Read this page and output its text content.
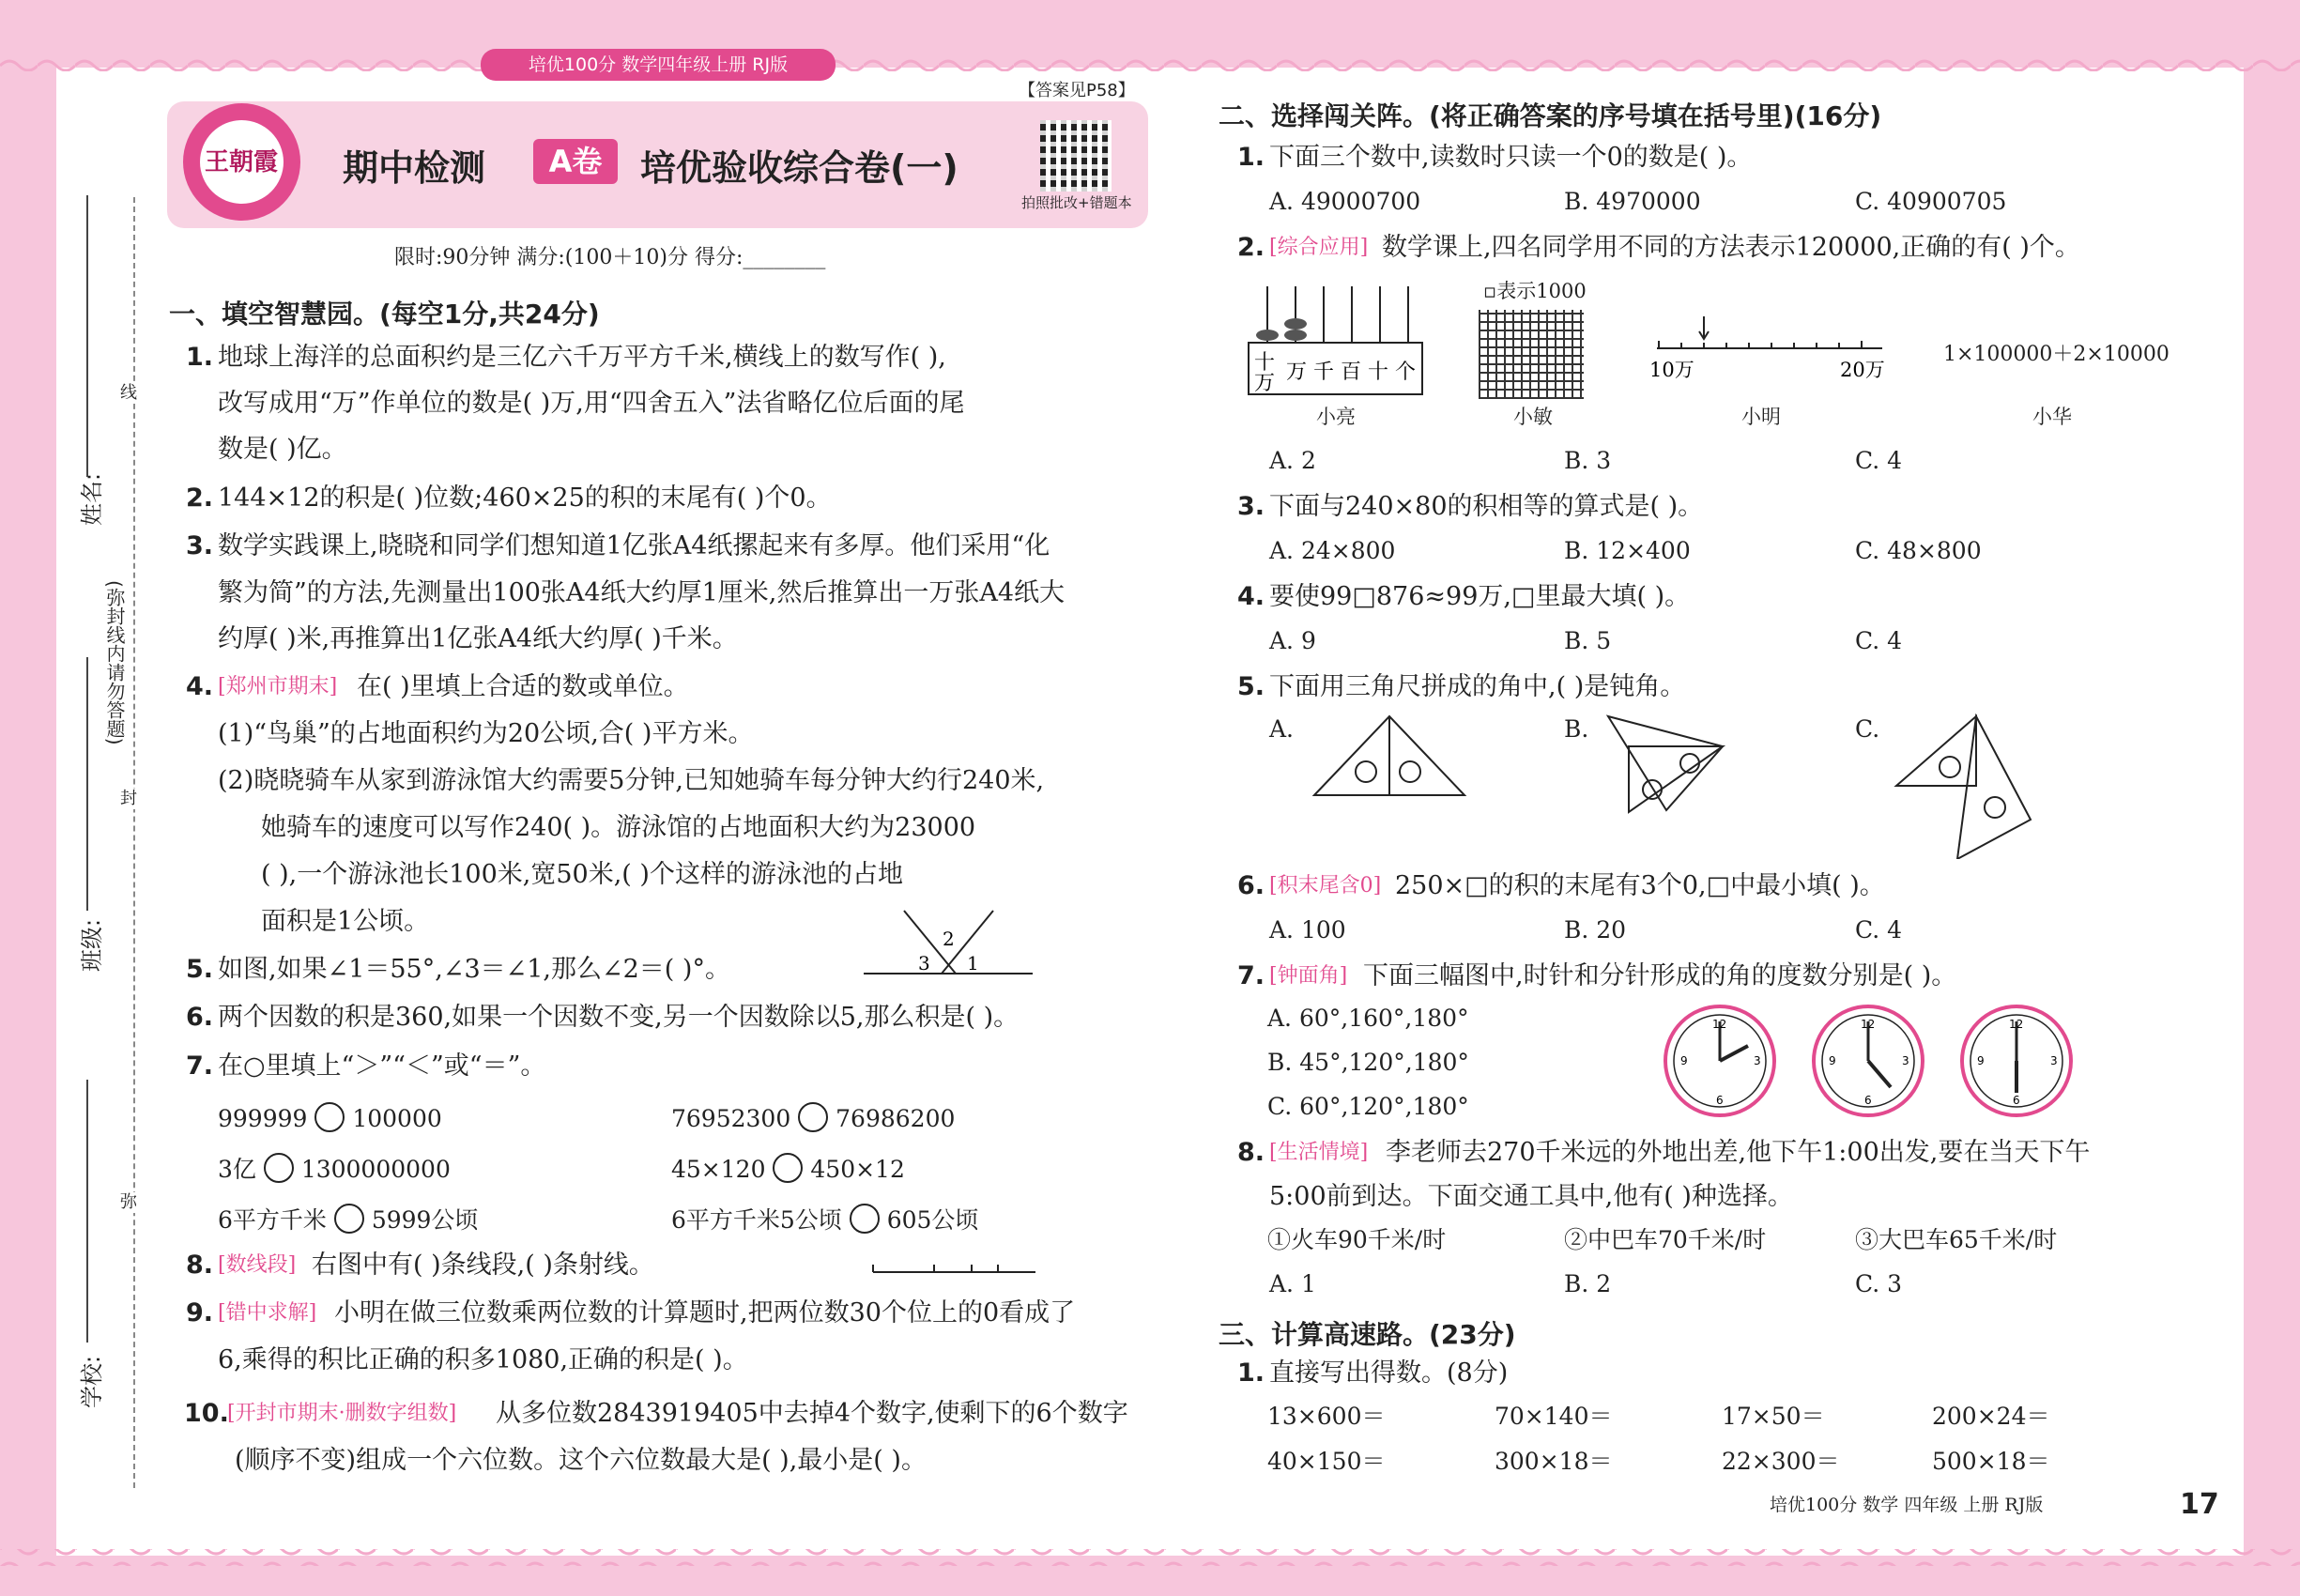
培优100分 数学四年级上册 RJ版
【答案见P58】
王朝霞 期中检测	A卷	培优验收综合卷(一)
拍照批改+错题本
限时:90分钟 满分:(100＋10)分 得分:________
姓名:
班级:
学校:
(弥封线内请勿答题)
线
封
弥
一、填空智慧园。(每空1分,共24分)
1. 地球上海洋的总面积约是三亿六千万平方千米,横线上的数写作( ),
改写成用“万”作单位的数是( )万,用“四舍五入”法省略亿位后面的尾
数是( )亿。
2. 144×12的积是( )位数;460×25的积的末尾有( )个0。
3. 数学实践课上,晓晓和同学们想知道1亿张A4纸摞起来有多厚。他们采用“化
繁为简”的方法,先测量出100张A4纸大约厚1厘米,然后推算出一万张A4纸大
约厚( )米,再推算出1亿张A4纸大约厚( )千米。
4. [郑州市期末] 在( )里填上合适的数或单位。
(1)“鸟巢”的占地面积约为20公顷,合( )平方米。
(2)晓晓骑车从家到游泳馆大约需要5分钟,已知她骑车每分钟大约行240米,
她骑车的速度可以写作240( )。游泳馆的占地面积大约为23000
( ),一个游泳池长100米,宽50米,( )个这样的游泳池的占地
面积是1公顷。
5. 如图,如果∠1＝55°,∠3＝∠1,那么∠2＝( )°。
2
3 1
6. 两个因数的积是360,如果一个因数不变,另一个因数除以5,那么积是( )。
7. 在○里填上“＞”“＜”或“＝”。
999999 100000	76952300 76986200
3亿 1300000000	45×120 450×12
6平方千米 5999公顷	6平方千米5公顷 605公顷
8. [数线段] 右图中有( )条线段,( )条射线。
9. [错中求解] 小明在做三位数乘两位数的计算题时,把两位数30个位上的0看成了
6,乘得的积比正确的积多1080,正确的积是( )。
10.
[开封市期末·删数字组数] 从多位数2843919405中去掉4个数字,使剩下的6个数字
(顺序不变)组成一个六位数。这个六位数最大是( ),最小是( )。
二、选择闯关阵。(将正确答案的序号填在括号里)(16分)
1. 下面三个数中,读数时只读一个0的数是( )。
A. 49000700	B. 4970000	C. 40900705
2. [综合应用] 数学课上,四名同学用不同的方法表示120000,正确的有( )个。
十
万 万 千 百 十 个
▫表示1000
10万	20万
1×100000＋2×10000
小亮	小敏	小明	小华
A. 2	B. 3	C. 4
3. 下面与240×80的积相等的算式是( )。
A. 24×800	B. 12×400	C. 48×800
4. 要使99□876≈99万,□里最大填( )。
A. 9	B. 5	C. 4
5. 下面用三角尺拼成的角中,( )是钝角。
A.	B.	C.
6. [积末尾含0] 250×□的积的末尾有3个0,□中最小填( )。
A. 100	B. 20	C. 4
7. [钟面角] 下面三幅图中,时针和分针形成的角的度数分别是( )。
A. 60°,160°,180°
B. 45°,120°,180°
C. 60°,120°,180°
12
3
6
9
12
3
6
9
12
3
6
9
8. [生活情境] 李老师去270千米远的外地出差,他下午1:00出发,要在当天下午
5:00前到达。下面交通工具中,他有( )种选择。
①火车90千米/时	②中巴车70千米/时	③大巴车65千米/时
A. 1	B. 2	C. 3
三、计算高速路。(23分)
1. 直接写出得数。(8分)
13×600＝	70×140＝	17×50＝	200×24＝
40×150＝	300×18＝	22×300＝	500×18＝
培优100分 数学 四年级 上册 RJ版	17
